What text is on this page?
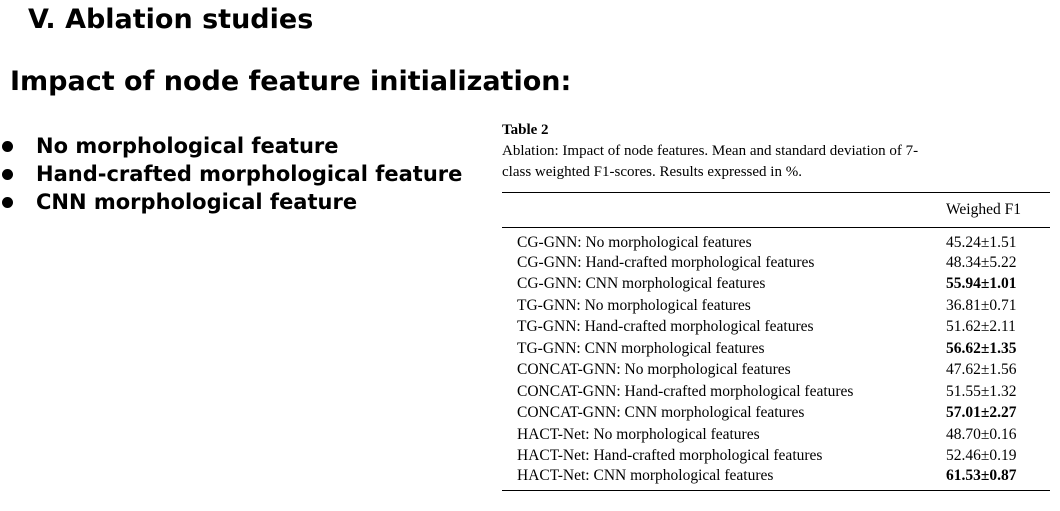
V. Ablation studies
Impact of node feature initialization:
No morphological feature
Hand-crafted morphological feature
CNN morphological feature

Table 2

Ablation: Impact of node features. Mean and standard deviation of 7-

class weighted F1-scores. Results expressed in %.

	Weighed F1
CG-GNN: No morphological features	45.24±1.51
CG-GNN: Hand-crafted morphological features	48.34±5.22
CG-GNN: CNN morphological features	55.94±1.01
TG-GNN: No morphological features	36.81±0.71
TG-GNN: Hand-crafted morphological features	51.62±2.11
TG-GNN: CNN morphological features	56.62±1.35
CONCAT-GNN: No morphological features	47.62±1.56
CONCAT-GNN: Hand-crafted morphological features	51.55±1.32
CONCAT-GNN: CNN morphological features	57.01±2.27
HACT-Net: No morphological features	48.70±0.16
HACT-Net: Hand-crafted morphological features	52.46±0.19
HACT-Net: CNN morphological features	61.53±0.87
